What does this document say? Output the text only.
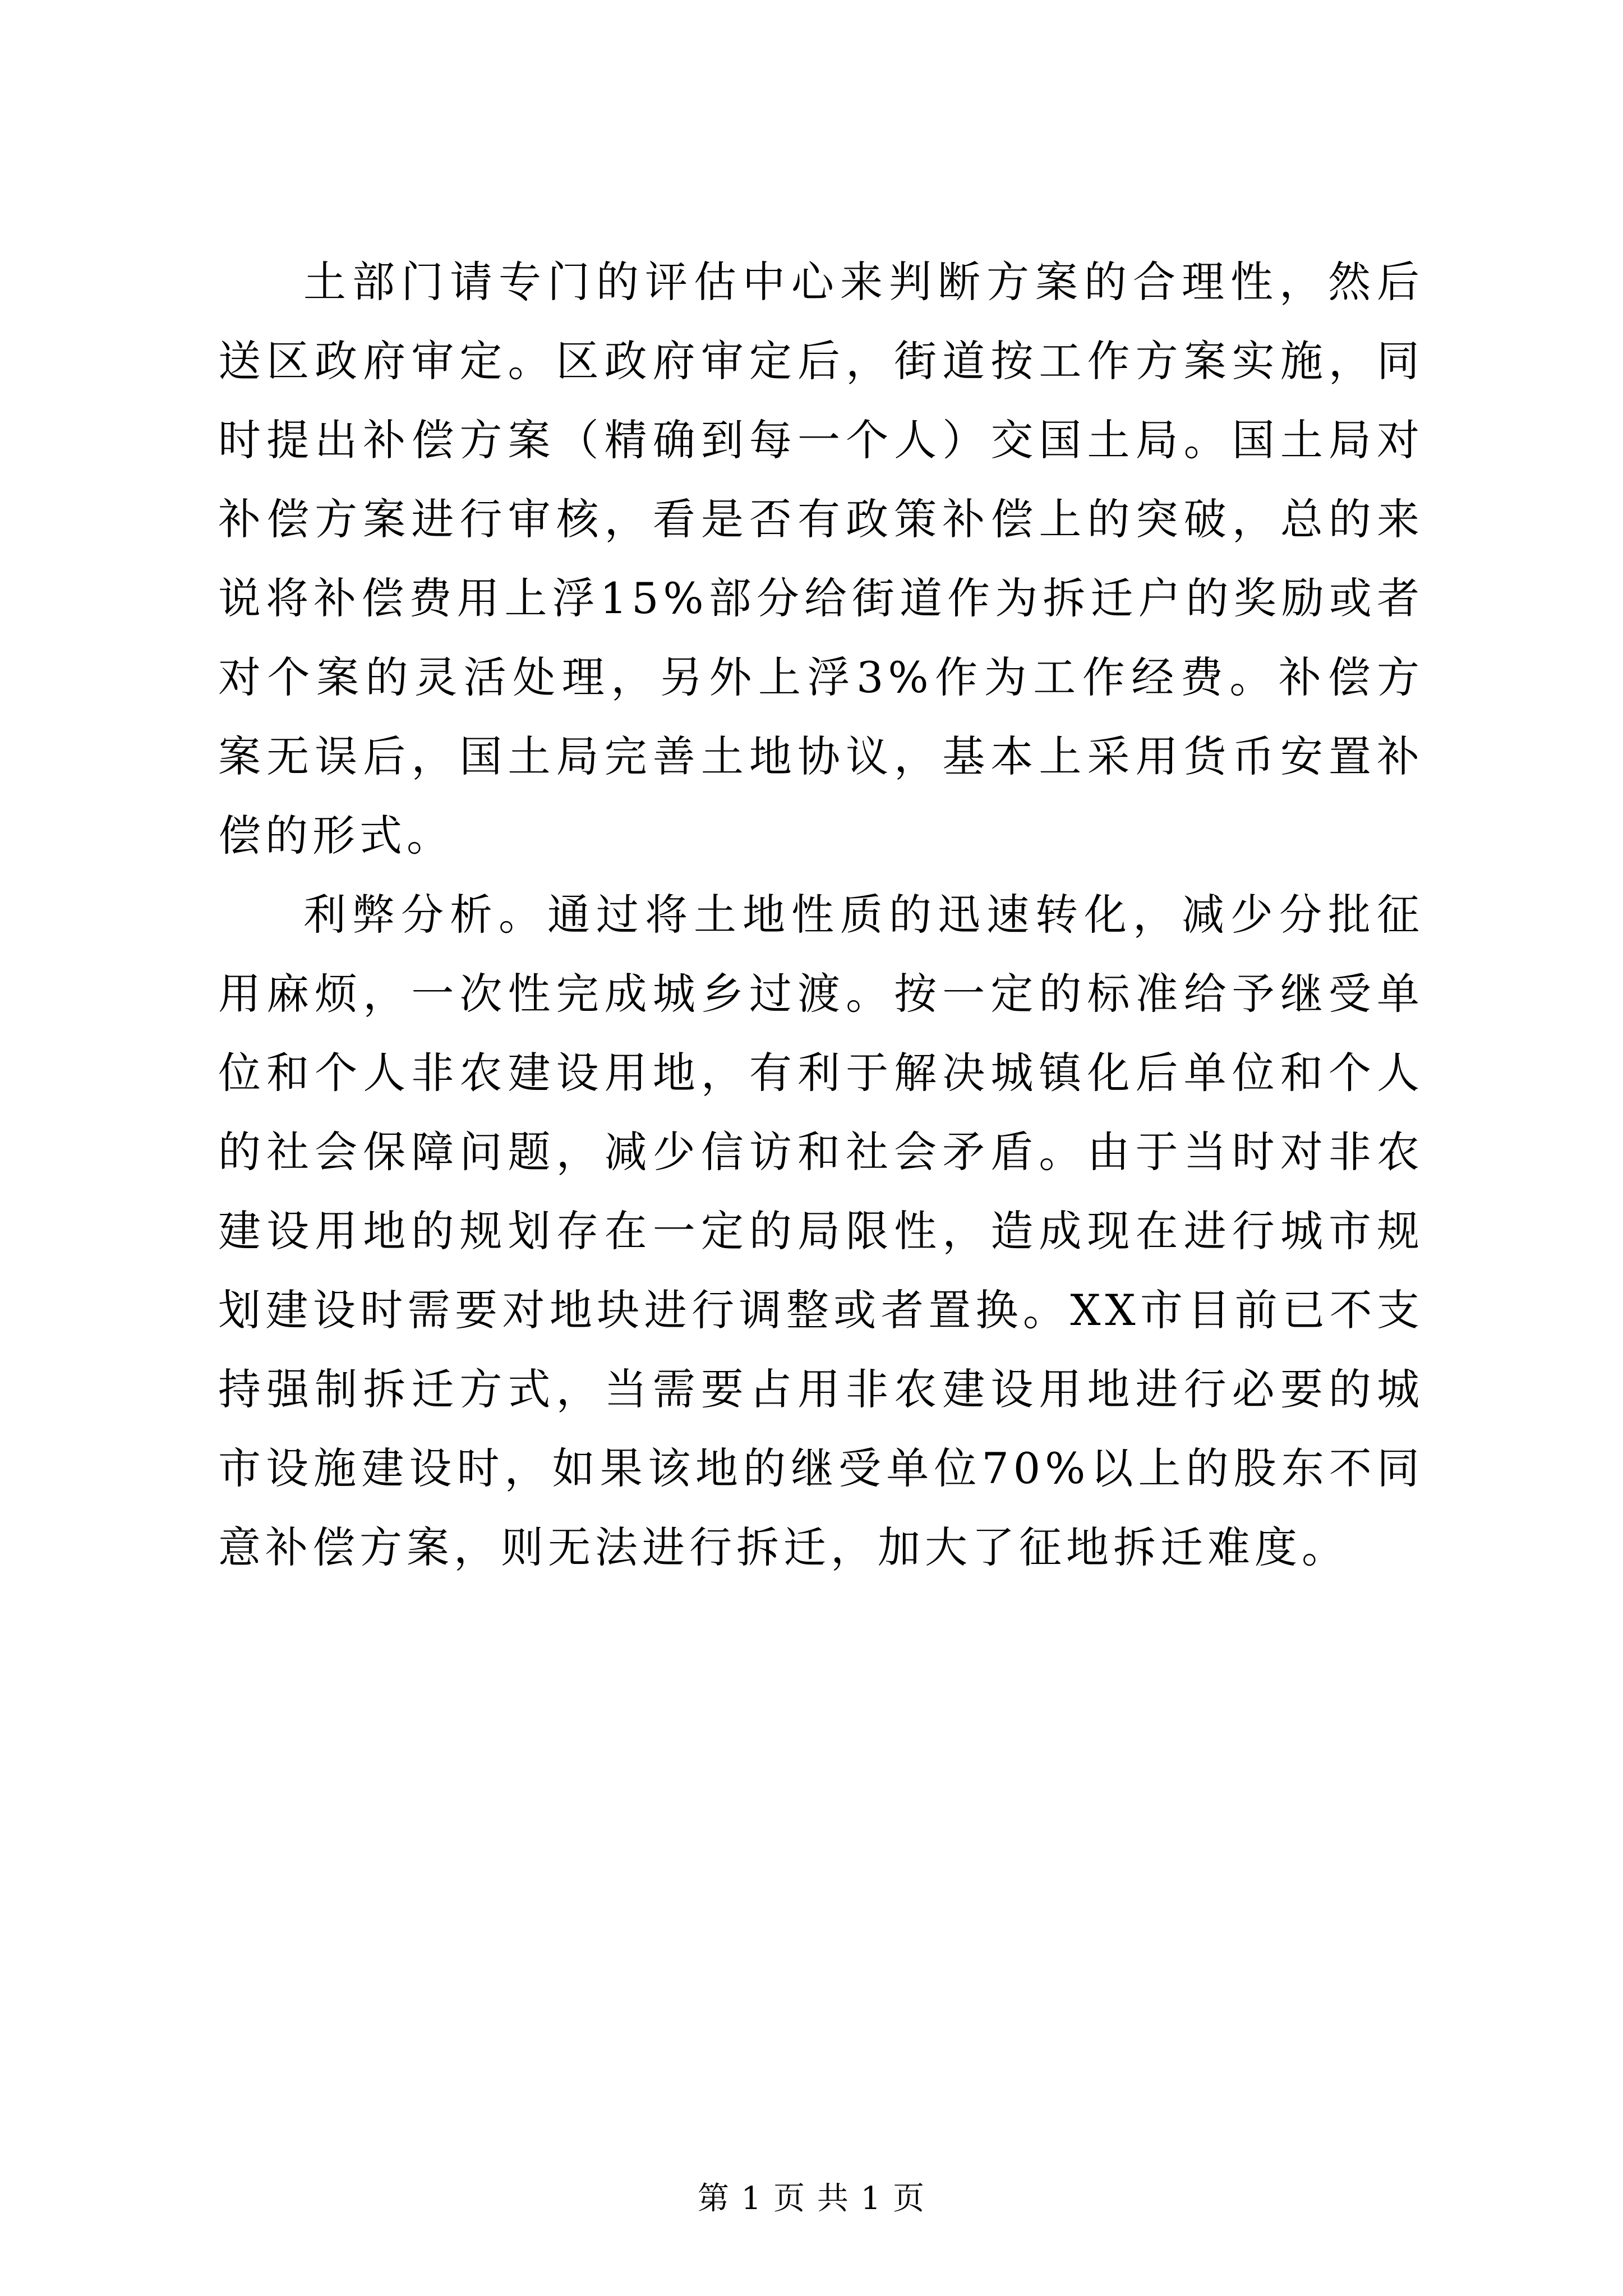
土部门请专门的评估中心来判断方案的合理性，然后送区政府审定。区政府审定后，街道按工作方案实施，同时提出补偿方案（精确到每一个人）交国土局。国土局对补偿方案进行审核，看是否有政策补偿上的突破，总的来说将补偿费用上浮15%部分给街道作为拆迁户的奖励或者对个案的灵活处理，另外上浮3%作为工作经费。补偿方案无误后，国土局完善土地协议，基本上采用货币安置补偿的形式。

利弊分析。通过将土地性质的迅速转化，减少分批征用麻烦，一次性完成城乡过渡。按一定的标准给予继受单位和个人非农建设用地，有利于解决城镇化后单位和个人的社会保障问题，减少信访和社会矛盾。由于当时对非农建设用地的规划存在一定的局限性，造成现在进行城市规划建设时需要对地块进行调整或者置换。XX市目前已不支持强制拆迁方式，当需要占用非农建设用地进行必要的城市设施建设时，如果该地的继受单位70%以上的股东不同意补偿方案，则无法进行拆迁，加大了征地拆迁难度。

第 1 页 共 1 页
